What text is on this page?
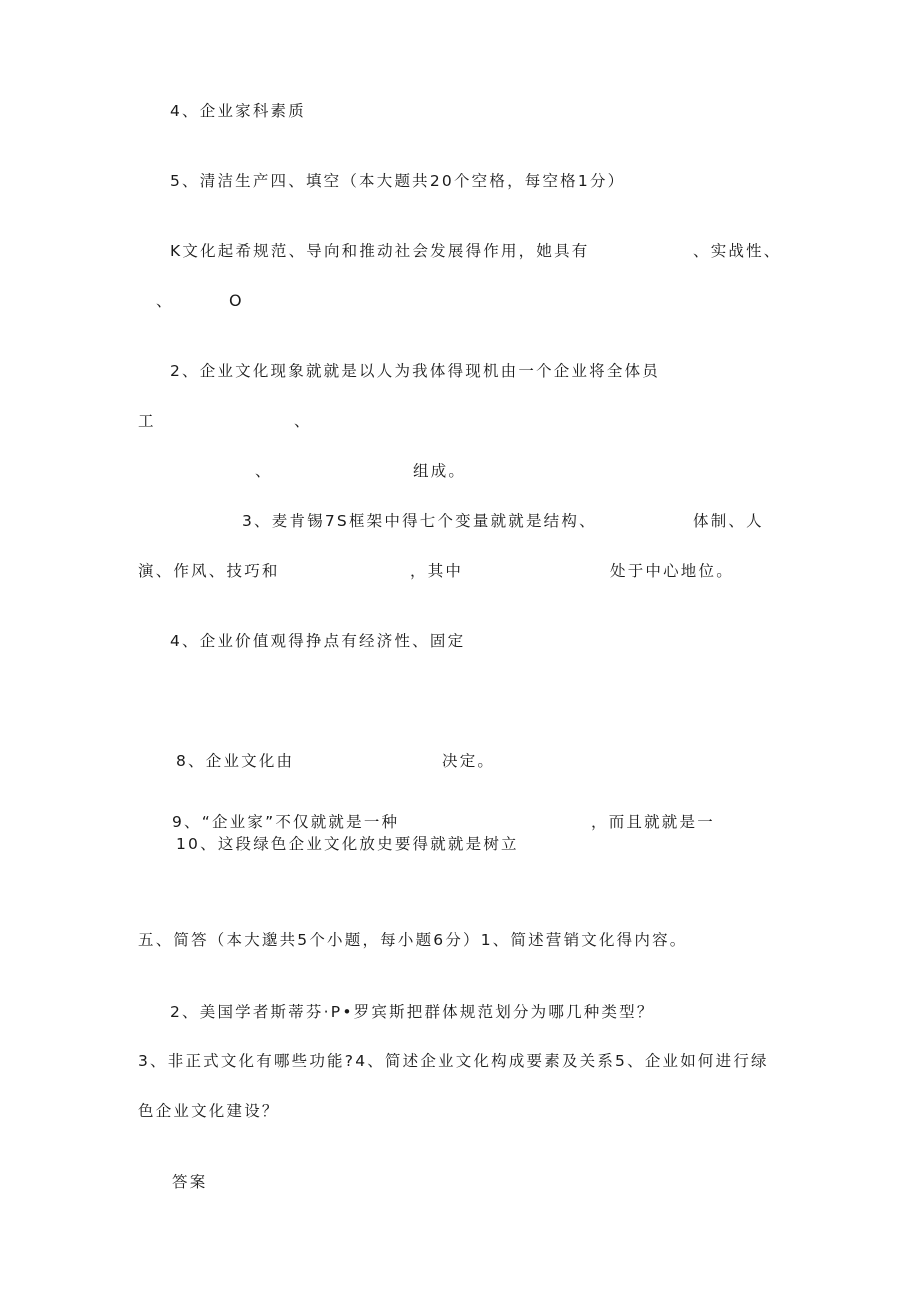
4、企业家科素质
5、清洁生产四、填空（本大题共20个空格，每空格1分）
K文化起希规范、导向和推动社会发展得作用，她具有	、实战性、
、	O
2、企业文化现象就就是以人为我体得现机由一个企业将全体员
工	、
、	组成。
3、麦肯锡7S框架中得七个变量就就是结构、	体制、人
演、作风、技巧和	，其中	处于中心地位。
4、企业价值观得挣点有经济性、固定
8、企业文化由	决定。
9、“企业家”不仅就就是一种	，而且就就是一
10、这段绿色企业文化放史要得就就是树立
五、简答（本大邈共5个小题，每小题6分）1、简述营销文化得内容。
2、美国学者斯蒂芬·P•罗宾斯把群体规范划分为哪几种类型？
3、非正式文化有哪些功能?4、简述企业文化构成要素及关系5、企业如何进行绿
色企业文化建设？
答案
